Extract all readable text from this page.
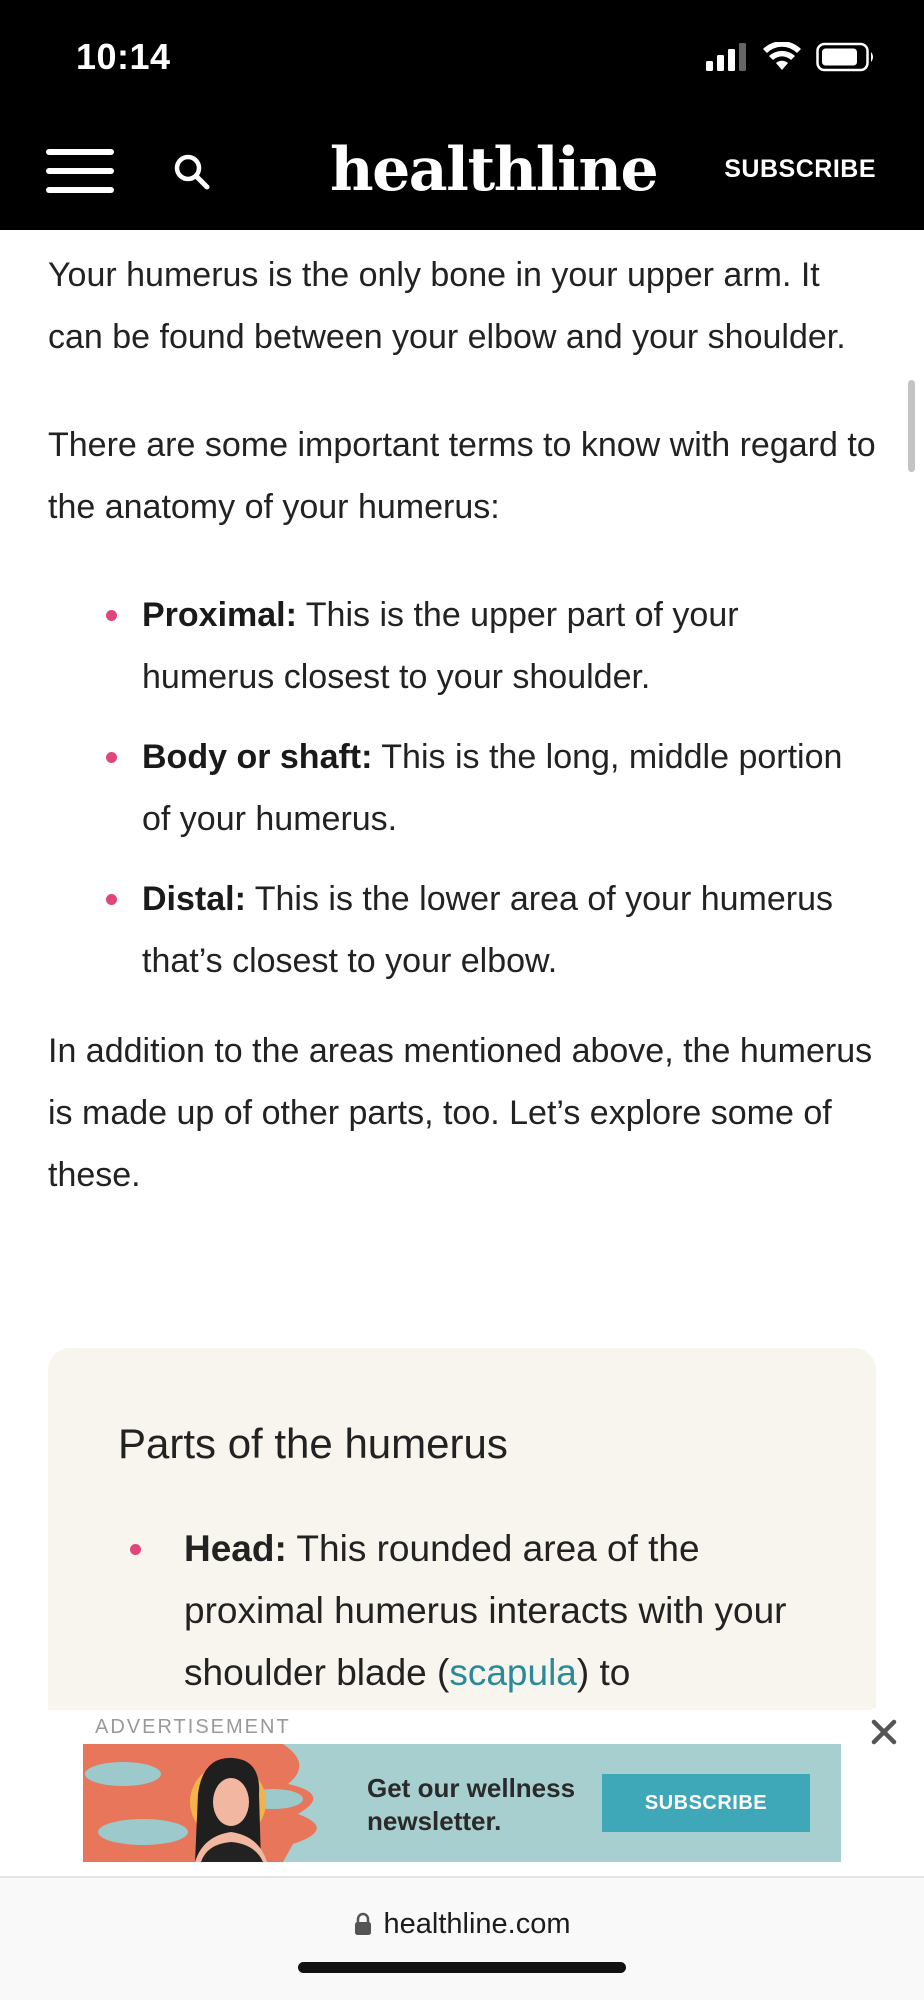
10:14
healthline	SUBSCRIBE

Your humerus is the only bone in your upper arm. It can be found between your elbow and your shoulder.

There are some important terms to know with regard to the anatomy of your humerus:

Proximal: This is the upper part of your humerus closest to your shoulder.
Body or shaft: This is the long, middle portion of your humerus.
Distal: This is the lower area of your humerus that’s closest to your elbow.

In addition to the areas mentioned above, the humerus is made up of other parts, too. Let’s explore some of these.

Parts of the humerus
Head: This rounded area of the proximal humerus interacts with your shoulder blade (scapula) to
ADVERTISEMENT
Get our wellness newsletter.
SUBSCRIBE
healthline.com
